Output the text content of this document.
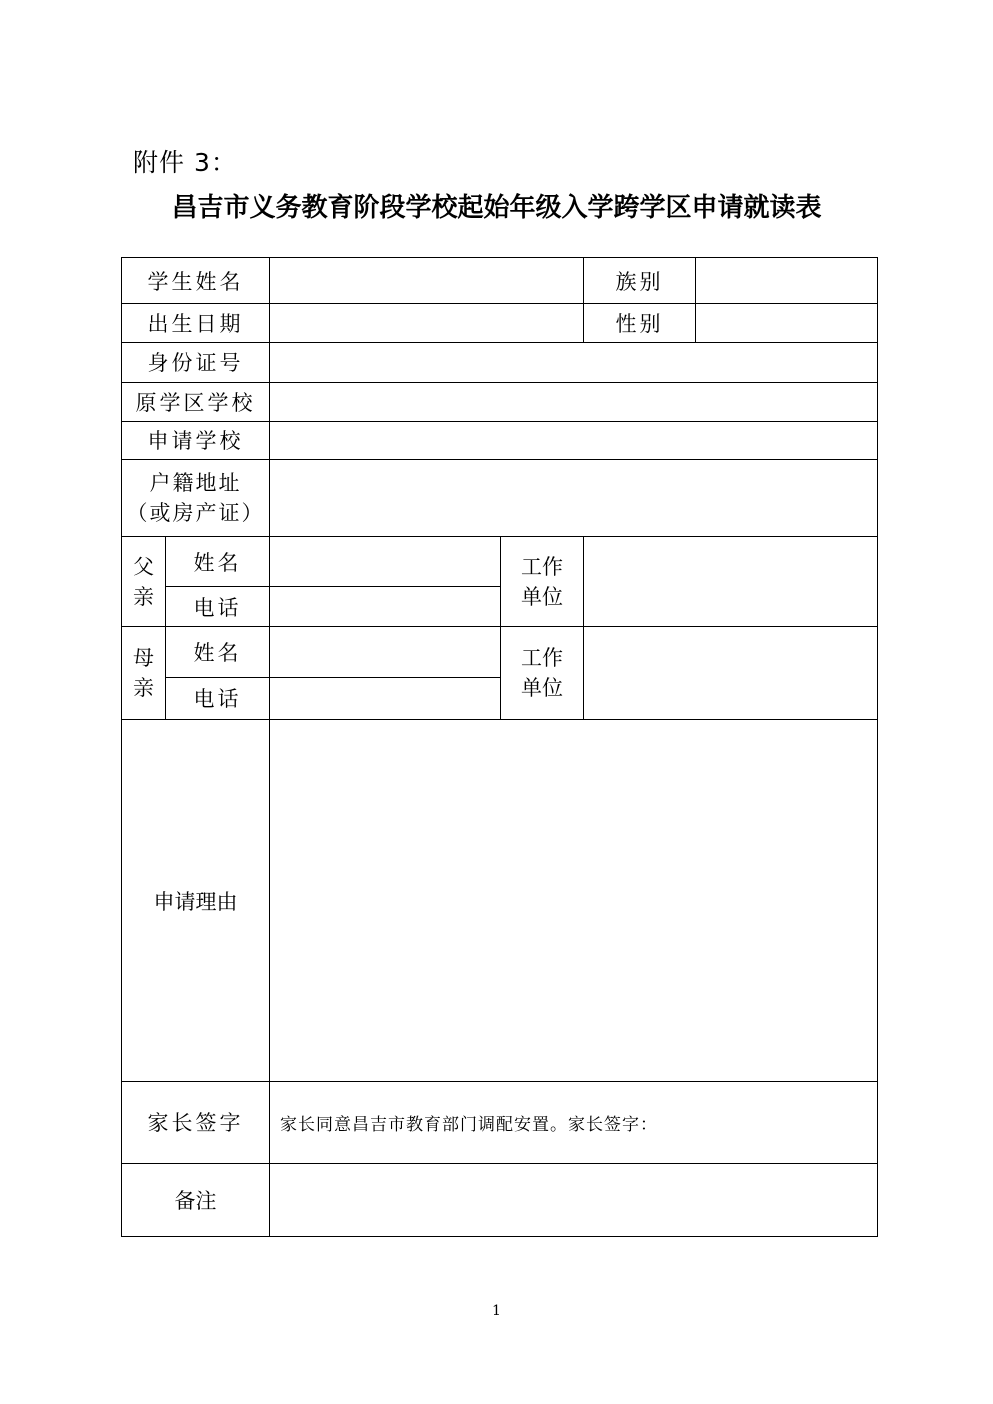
附件 3：
昌吉市义务教育阶段学校起始年级入学跨学区申请就读表
学生姓名				族别	
出生日期				性别	
身份证号					
原学区学校					
申请学校					
户籍地址
（或房产证）					
父亲	姓名		工作单位		
	电话				
母亲	姓名		工作单位		
	电话				
申请理由					
家长签字		家长同意昌吉市教育部门调配安置。家长签字：			
备注					
1
